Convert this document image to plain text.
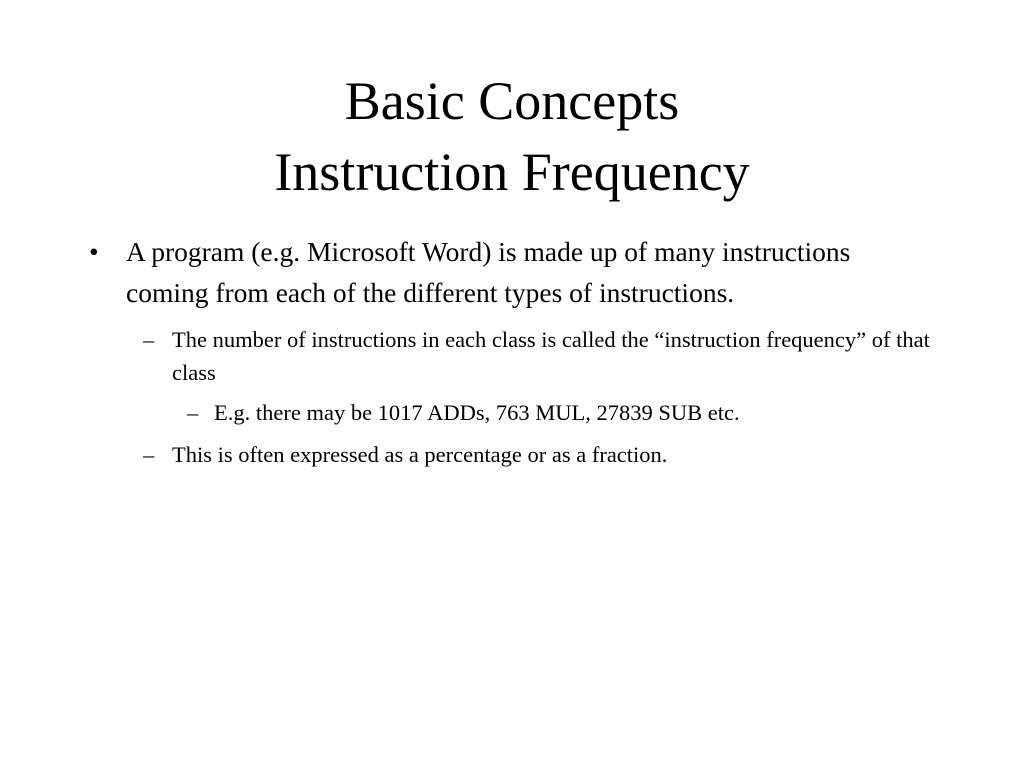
Basic Concepts
Instruction Frequency
• A program (e.g. Microsoft Word) is made up of many instructions coming from each of the different types of instructions.
– The number of instructions in each class is called the “instruction frequency” of that class
– E.g. there may be 1017 ADDs, 763 MUL, 27839 SUB etc.
– This is often expressed as a percentage or as a fraction.
